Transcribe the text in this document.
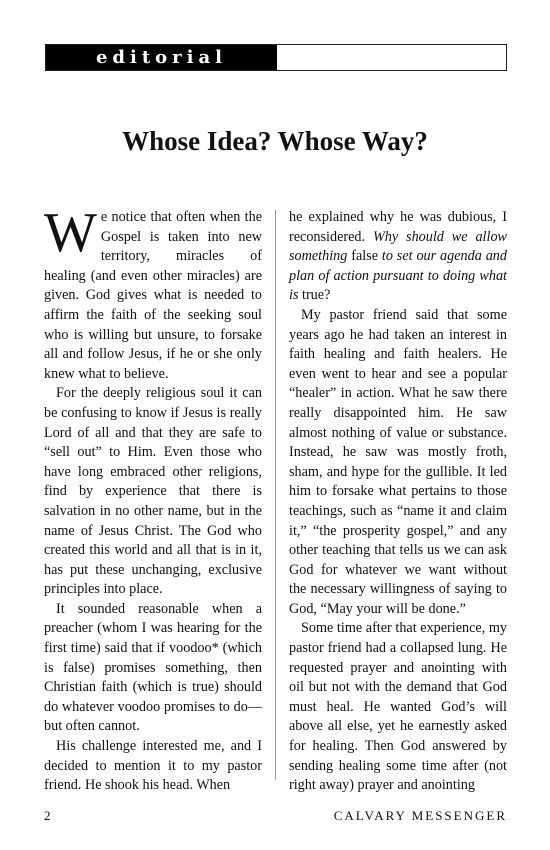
editorial
Whose Idea? Whose Way?

We notice that often when the Gospel is taken into new territory, miracles of healing (and even other miracles) are given. God gives what is needed to affirm the faith of the seeking soul who is willing but unsure, to forsake all and follow Jesus, if he or she only knew what to believe.

For the deeply religious soul it can be confusing to know if Jesus is really Lord of all and that they are safe to “sell out” to Him. Even those who have long embraced other religions, find by experience that there is salvation in no other name, but in the name of Jesus Christ. The God who created this world and all that is in it, has put these unchanging, exclusive principles into place.

It sounded reasonable when a preacher (whom I was hearing for the first time) said that if voodoo* (which is false) promises something, then Christian faith (which is true) should do whatever voodoo promises to do—but often cannot.

His challenge interested me, and I decided to mention it to my pastor friend. He shook his head. When

he explained why he was dubious, I reconsidered. Why should we allow something false to set our agenda and plan of action pursuant to doing what is true?

My pastor friend said that some years ago he had taken an interest in faith healing and faith healers. He even went to hear and see a popular “healer” in action. What he saw there really disappointed him. He saw almost nothing of value or substance. Instead, he saw was mostly froth, sham, and hype for the gullible. It led him to forsake what pertains to those teachings, such as “name it and claim it,” “the prosperity gospel,” and any other teaching that tells us we can ask God for whatever we want without the necessary willingness of saying to God, “May your will be done.”

Some time after that experience, my pastor friend had a collapsed lung. He requested prayer and anointing with oil but not with the demand that God must heal. He wanted God’s will above all else, yet he earnestly asked for healing. Then God answered by sending healing some time after (not right away) prayer and anointing

2	CALVARY MESSENGER
